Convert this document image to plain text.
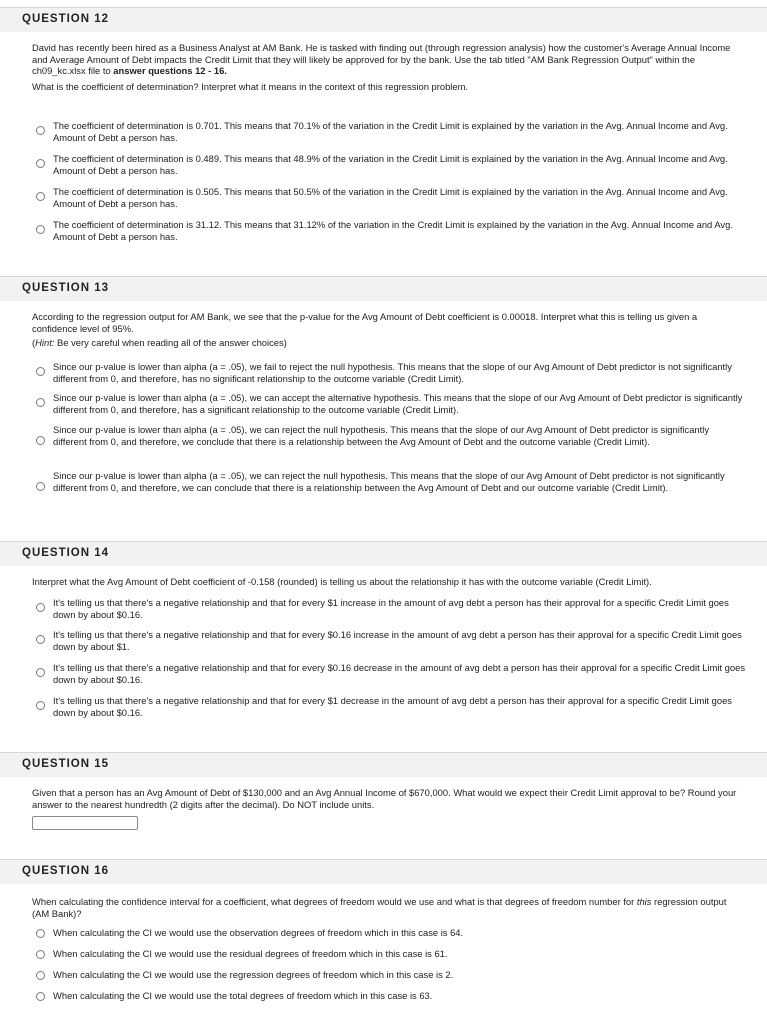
QUESTION 12

David has recently been hired as a Business Analyst at AM Bank. He is tasked with finding out (through regression analysis) how the customer's Average Annual Income and Average Amount of Debt impacts the Credit Limit that they will likely be approved for by the bank. Use the tab titled "AM Bank Regression Output" within the ch09_kc.xlsx file to answer questions 12 - 16.

What is the coefficient of determination? Interpret what it means in the context of this regression problem.

The coefficient of determination is 0.701. This means that 70.1% of the variation in the Credit Limit is explained by the variation in the Avg. Annual Income and Avg. Amount of Debt a person has.
The coefficient of determination is 0.489. This means that 48.9% of the variation in the Credit Limit is explained by the variation in the Avg. Annual Income and Avg. Amount of Debt a person has.
The coefficient of determination is 0.505. This means that 50.5% of the variation in the Credit Limit is explained by the variation in the Avg. Annual Income and Avg. Amount of Debt a person has.
The coefficient of determination is 31.12. This means that 31.12% of the variation in the Credit Limit is explained by the variation in the Avg. Annual Income and Avg. Amount of Debt a person has.
QUESTION 13

According to the regression output for AM Bank, we see that the p-value for the Avg Amount of Debt coefficient is 0.00018. Interpret what this is telling us given a confidence level of 95%.

(Hint: Be very careful when reading all of the answer choices)

Since our p-value is lower than alpha (a = .05), we fail to reject the null hypothesis. This means that the slope of our Avg Amount of Debt predictor is not significantly different from 0, and therefore, has no significant relationship to the outcome variable (Credit Limit).
Since our p-value is lower than alpha (a = .05), we can accept the alternative hypothesis. This means that the slope of our Avg Amount of Debt predictor is significantly different from 0, and therefore, has a significant relationship to the outcome variable (Credit Limit).
Since our p-value is lower than alpha (a = .05), we can reject the null hypothesis. This means that the slope of our Avg Amount of Debt predictor is significantly different from 0, and therefore, we conclude that there is a relationship between the Avg Amount of Debt and the outcome variable (Credit Limit).
Since our p-value is lower than alpha (a = .05), we can reject the null hypothesis. This means that the slope of our Avg Amount of Debt predictor is not significantly different from 0, and therefore, we can conclude that there is a relationship between the Avg Amount of Debt and our outcome variable (Credit Limit).
QUESTION 14

Interpret what the Avg Amount of Debt coefficient of -0.158 (rounded) is telling us about the relationship it has with the outcome variable (Credit Limit).

It's telling us that there's a negative relationship and that for every $1 increase in the amount of avg debt a person has their approval for a specific Credit Limit goes down by about $0.16.
It's telling us that there's a negative relationship and that for every $0.16 increase in the amount of avg debt a person has their approval for a specific Credit Limit goes down by about $1.
It's telling us that there's a negative relationship and that for every $0.16 decrease in the amount of avg debt a person has their approval for a specific Credit Limit goes down by about $0.16.
It's telling us that there's a negative relationship and that for every $1 decrease in the amount of avg debt a person has their approval for a specific Credit Limit goes down by about $0.16.
QUESTION 15

Given that a person has an Avg Amount of Debt of $130,000 and an Avg Annual Income of $670,000. What would we expect their Credit Limit approval to be? Round your answer to the nearest hundredth (2 digits after the decimal). Do NOT include units.

QUESTION 16

When calculating the confidence interval for a coefficient, what degrees of freedom would we use and what is that degrees of freedom number for this regression output (AM Bank)?

When calculating the CI we would use the observation degrees of freedom which in this case is 64.
When calculating the CI we would use the residual degrees of freedom which in this case is 61.
When calculating the CI we would use the regression degrees of freedom which in this case is 2.
When calculating the CI we would use the total degrees of freedom which in this case is 63.
